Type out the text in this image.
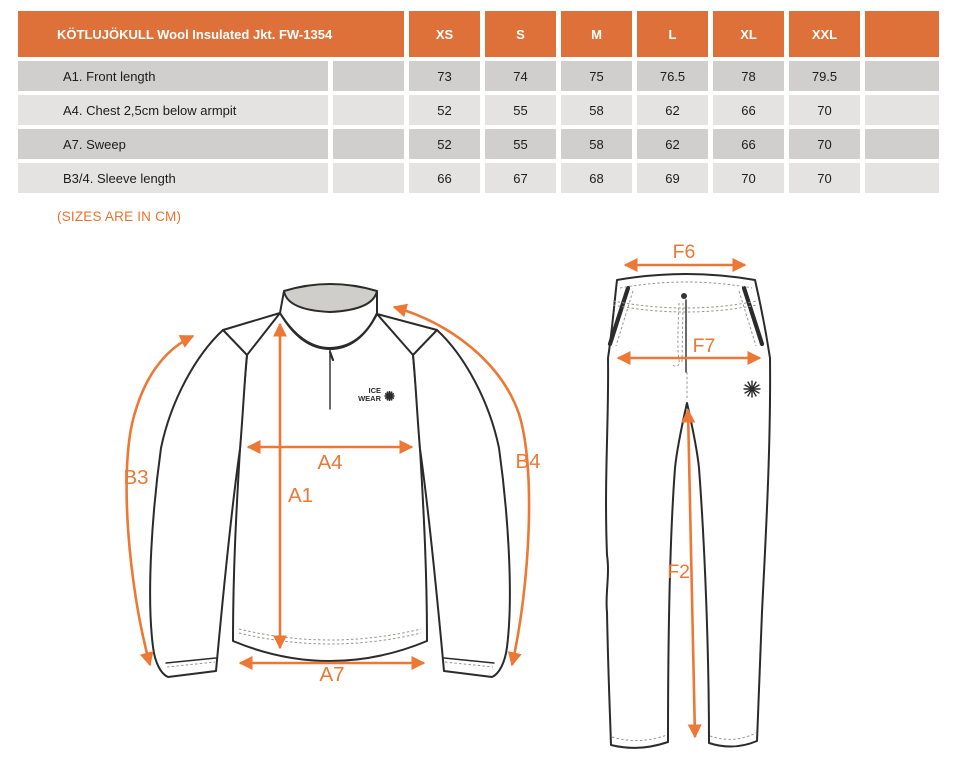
KÖTLUJÖKULL Wool Insulated Jkt. FW-1354	XS	S	M	L	XL	XXL
A1. Front length	73	74	75	76.5	78	79.5
A4. Chest 2,5cm below armpit	52	55	58	62	66	70
A7. Sweep	52	55	58	62	66	70
B3/4. Sleeve length	66	67	68	69	70	70
(SIZES ARE IN CM)
ICE
WEAR
A1
A4
A7
B3
B4
F6
F7
F2
